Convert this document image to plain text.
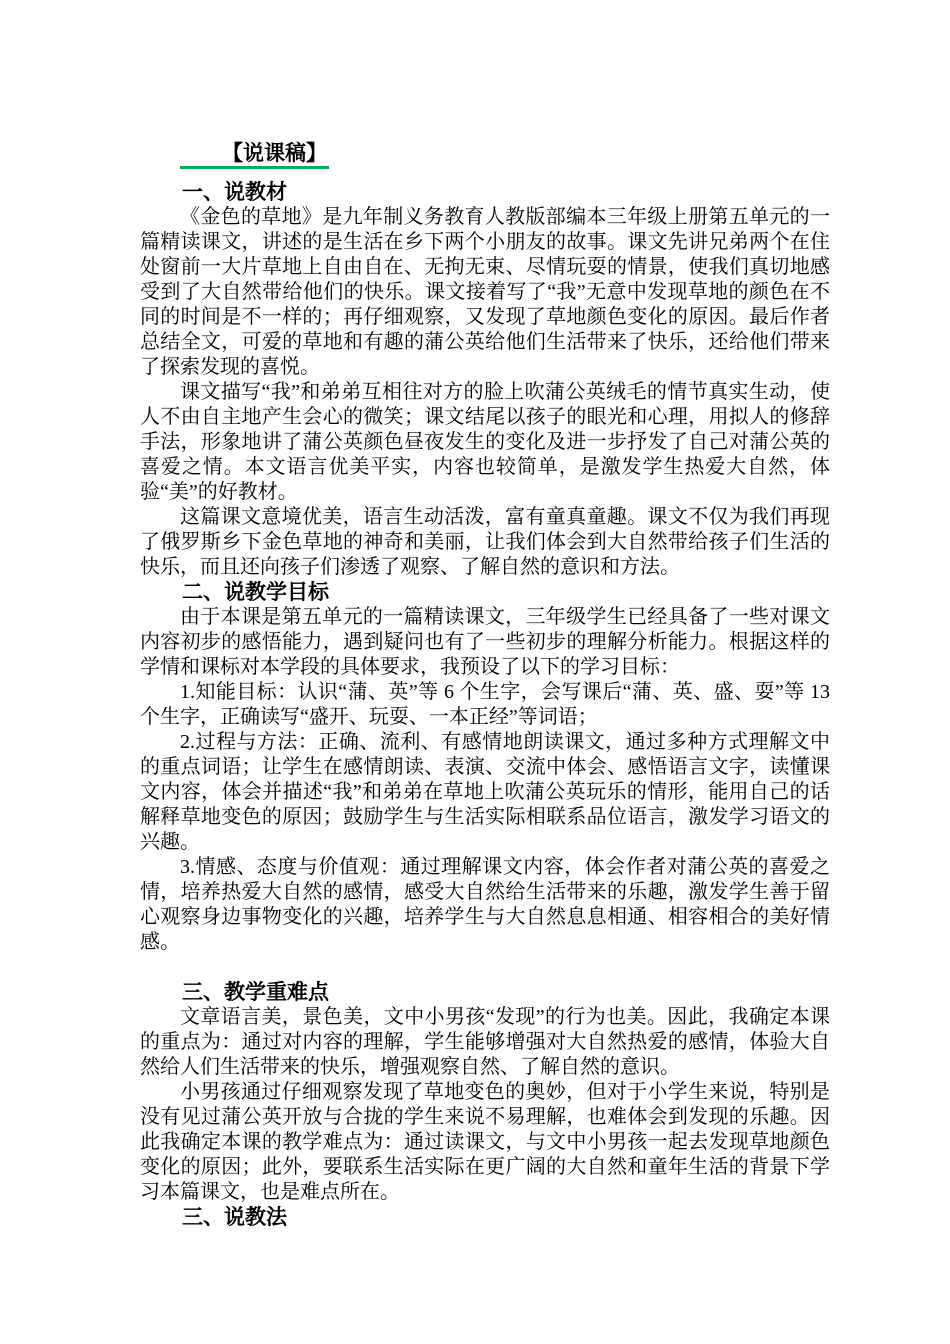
【说课稿】

一、说教材

《金色的草地》是九年制义务教育人教版部编本三年级上册第五单元的一篇精读课文，讲述的是生活在乡下两个小朋友的故事。课文先讲兄弟两个在住处窗前一大片草地上自由自在、无拘无束、尽情玩耍的情景，使我们真切地感受到了大自然带给他们的快乐。课文接着写了“我”无意中发现草地的颜色在不同的时间是不一样的；再仔细观察，又发现了草地颜色变化的原因。最后作者总结全文，可爱的草地和有趣的蒲公英给他们生活带来了快乐，还给他们带来了探索发现的喜悦。

课文描写“我”和弟弟互相往对方的脸上吹蒲公英绒毛的情节真实生动，使人不由自主地产生会心的微笑；课文结尾以孩子的眼光和心理，用拟人的修辞手法，形象地讲了蒲公英颜色昼夜发生的变化及进一步抒发了自己对蒲公英的喜爱之情。本文语言优美平实，内容也较简单，是激发学生热爱大自然，体验“美”的好教材。

这篇课文意境优美，语言生动活泼，富有童真童趣。课文不仅为我们再现了俄罗斯乡下金色草地的神奇和美丽，让我们体会到大自然带给孩子们生活的快乐，而且还向孩子们渗透了观察、了解自然的意识和方法。

二、说教学目标

由于本课是第五单元的一篇精读课文，三年级学生已经具备了一些对课文内容初步的感悟能力，遇到疑问也有了一些初步的理解分析能力。根据这样的学情和课标对本学段的具体要求，我预设了以下的学习目标：

1.知能目标：认识“蒲、英”等 6 个生字，会写课后“蒲、英、盛、耍”等 13 个生字，正确读写“盛开、玩耍、一本正经”等词语；

2.过程与方法：正确、流利、有感情地朗读课文，通过多种方式理解文中的重点词语；让学生在感情朗读、表演、交流中体会、感悟语言文字，读懂课文内容，体会并描述“我”和弟弟在草地上吹蒲公英玩乐的情形，能用自己的话解释草地变色的原因；鼓励学生与生活实际相联系品位语言，激发学习语文的兴趣。

3.情感、态度与价值观：通过理解课文内容，体会作者对蒲公英的喜爱之情，培养热爱大自然的感情，感受大自然给生活带来的乐趣，激发学生善于留心观察身边事物变化的兴趣，培养学生与大自然息息相通、相容相合的美好情感。

三、教学重难点

文章语言美，景色美，文中小男孩“发现”的行为也美。因此，我确定本课的重点为：通过对内容的理解，学生能够增强对大自然热爱的感情，体验大自然给人们生活带来的快乐，增强观察自然、了解自然的意识。

小男孩通过仔细观察发现了草地变色的奥妙，但对于小学生来说，特别是没有见过蒲公英开放与合拢的学生来说不易理解，也难体会到发现的乐趣。因此我确定本课的教学难点为：通过读课文，与文中小男孩一起去发现草地颜色变化的原因；此外，要联系生活实际在更广阔的大自然和童年生活的背景下学习本篇课文，也是难点所在。

三、说教法
